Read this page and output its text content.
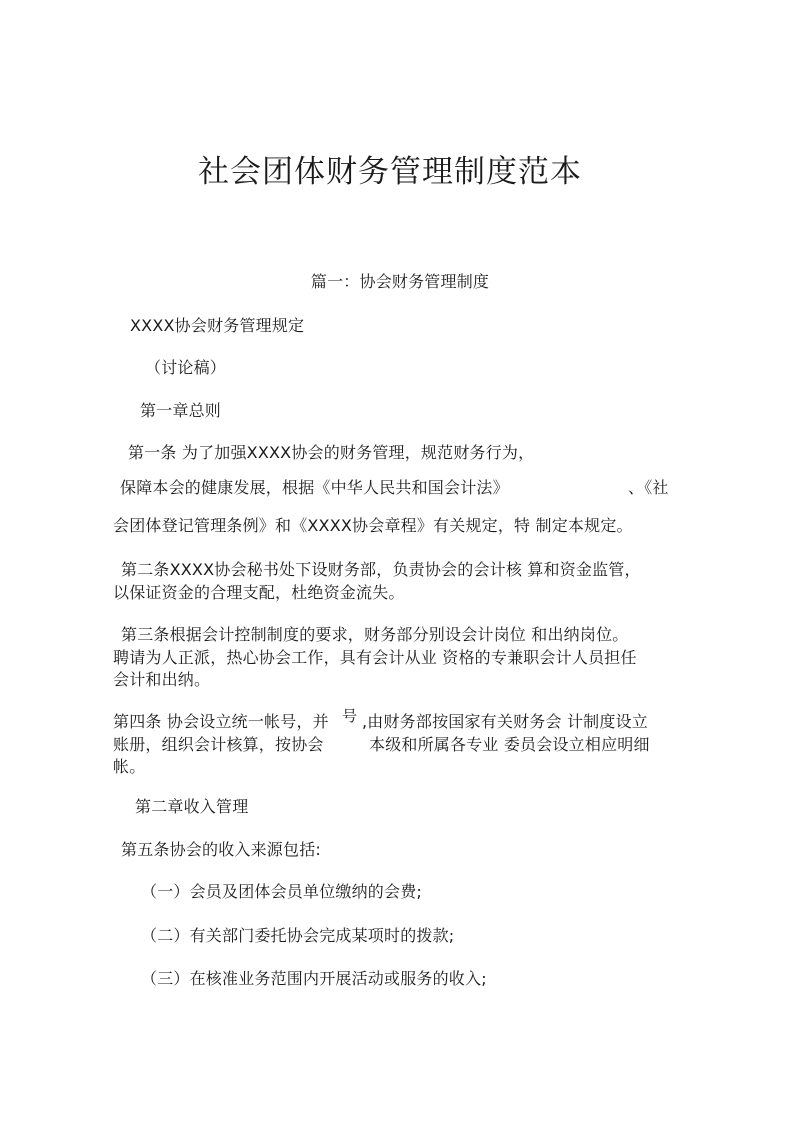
社会团体财务管理制度范本
篇一：协会财务管理制度
XXXX协会财务管理规定
（讨论稿）
第一章总则
第一条 为了加强XXXX协会的财务管理，规范财务行为，
保障本会的健康发展，根据《中华人民共和国会计法》	、《社
会团体登记管理条例》和《XXXX协会章程》有关规定，特 制定本规定。
第二条XXXX协会秘书处下设财务部，负责协会的会计核 算和资金监管，
以保证资金的合理支配，杜绝资金流失。
第三条根据会计控制制度的要求，财务部分别设会计岗位 和出纳岗位。
聘请为人正派，热心协会工作，具有会计从业 资格的专兼职会计人员担任
会计和出纳。
第四条 协会设立统一帐号，并 号 ,由财务部按国家有关财务会 计制度设立
账册，组织会计核算，按协会	本级和所属各专业 委员会设立相应明细
帐。
第二章收入管理
第五条协会的收入来源包括:
（一）会员及团体会员单位缴纳的会费;
（二）有关部门委托协会完成某项时的拨款;
（三）在核准业务范围内开展活动或服务的收入;
